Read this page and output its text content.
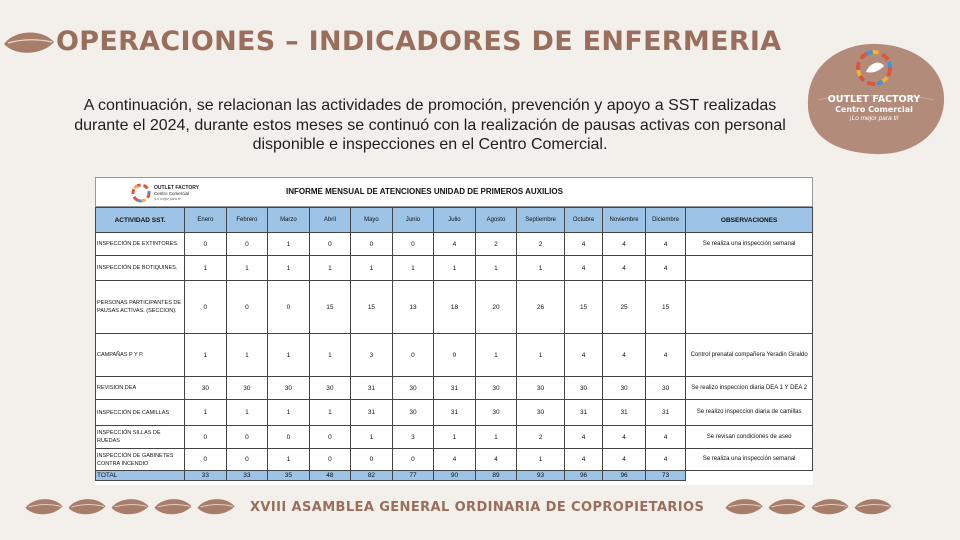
OPERACIONES – INDICADORES DE ENFERMERIA
A continuación, se relacionan las actividades de promoción, prevención y apoyo a SST realizadas durante el 2024, durante estos meses se continuó con la realización de pausas activas con personal disponible e inspecciones en el Centro Comercial.
OUTLET FACTORY
Centro Comercial
¡Lo mejor para ti!
OUTLET FACTORY
Centro Comercial
¡Lo mejor para ti!
INFORME MENSUAL DE ATENCIONES UNIDAD DE PRIMEROS AUXILIOS
ACTIVIDAD SST.	Enero	Febrero	Marzo	Abril	Mayo	Junio	Julio	Agosto	Septiembre	Octubre	Noviembre	Diciembre	OBSERVACIONES
INSPECCIÓN DE EXTINTORES.	0	0	1	0	0	0	4	2	2	4	4	4	Se realiza una inspección semanal
INSPECCIÓN DE BOTIQUINES.	1	1	1	1	1	1	1	1	1	4	4	4	
PERSONAS PARTICIPANTES DE PAUSAS ACTIVAS. (SECCION).	0	0	0	15	15	13	18	20	26	15	25	15	
CAMPAÑAS P Y P.	1	1	1	1	3	0	0	1	1	4	4	4	Control prenatal compañera Yeradin Giraldo
REVISION DEA	30	30	30	30	31	30	31	30	30	30	30	30	Se realizo inspeccion diaria DEA 1 Y DEA 2
INSPECCIÓN DE CAMILLAS	1	1	1	1	31	30	31	30	30	31	31	31	Se realizo inspeccion diaria de camillas
INSPECCIÓN SILLAS DE RUEDAS	0	0	0	0	1	3	1	1	2	4	4	4	Se revisan condiciones de aseo
INSPECCIÓN DE GABINETES CONTRA INCENDIO	0	0	1	0	0	0	4	4	1	4	4	4	Se realiza una inspección semanal
TOTAL	33	33	35	48	82	77	90	89	93	96	96	73	
XVIII ASAMBLEA GENERAL ORDINARIA DE COPROPIETARIOS
